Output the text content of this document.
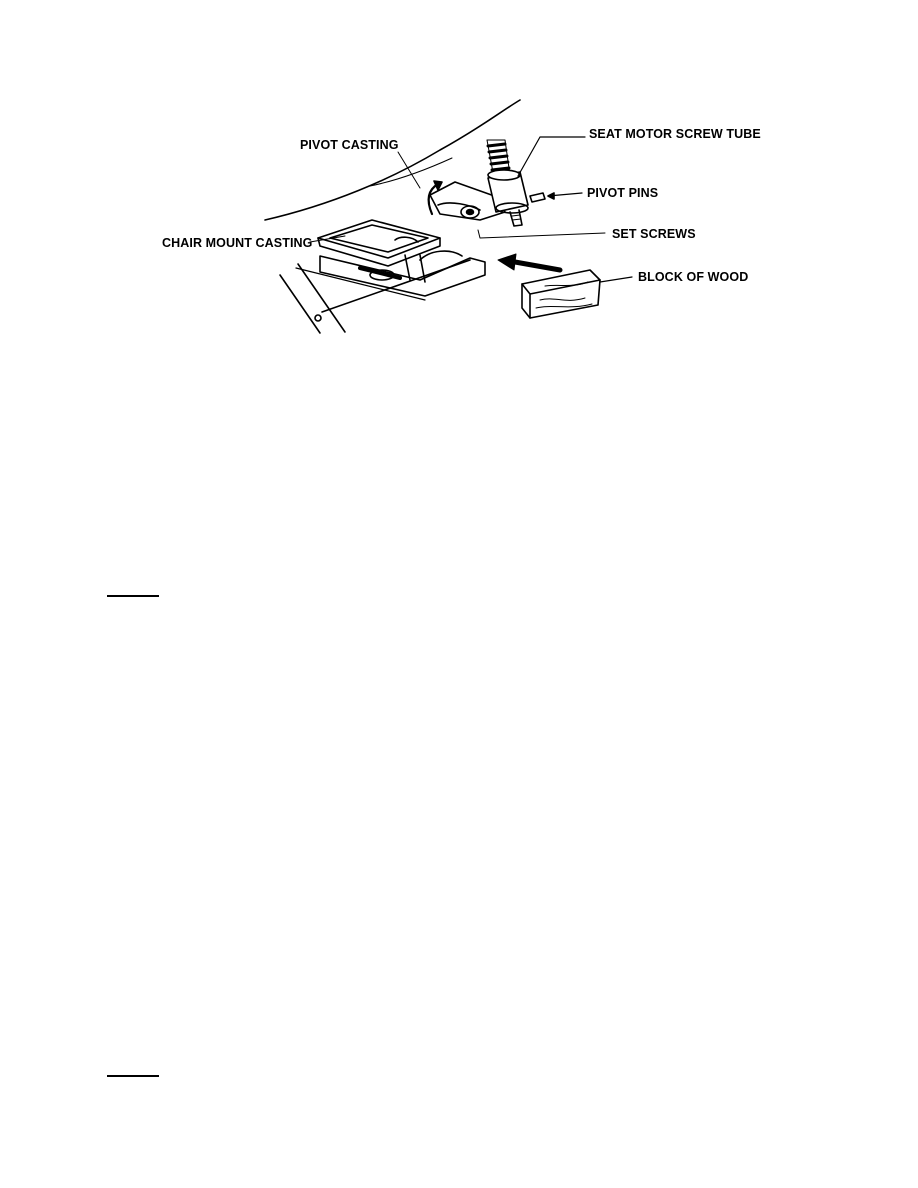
PIVOT CASTING
SEAT MOTOR SCREW TUBE
PIVOT PINS
CHAIR MOUNT CASTING
SET SCREWS
BLOCK OF WOOD
